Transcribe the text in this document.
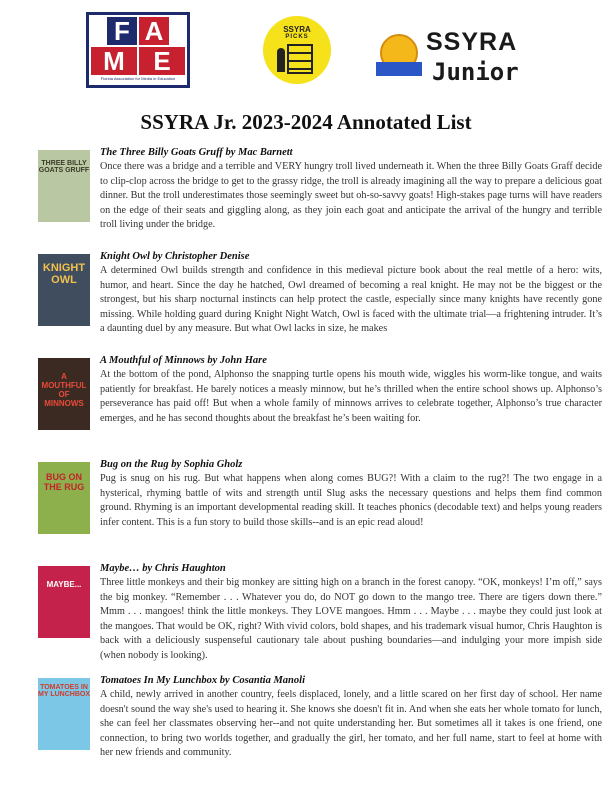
F A
M	E
Florida Association for Media in Education
SSYRA
PICKS	SSYRA
Junior
SSYRA Jr. 2023-2024 Annotated List
THREE BILLY GOATS GRUFF

The Three Billy Goats Gruff by Mac Barnett

Once there was a bridge and a terrible and VERY hungry troll lived underneath it. When the three Billy Goats Graff decide to clip-clop across the bridge to get to the grassy ridge, the troll is already imagining all the way to prepare a delicious goat dinner. But the troll underestimates those seemingly sweet but oh-so-savvy goats! High-stakes page turns will have readers on the edge of their seats and giggling along, as they join each goat and anticipate the arrival of the hungry and terrible troll living under the bridge.

KNIGHT OWL

Knight Owl by Christopher Denise

A determined Owl builds strength and confidence in this medieval picture book about the real mettle of a hero: wits, humor, and heart. Since the day he hatched, Owl dreamed of becoming a real knight. He may not be the biggest or the strongest, but his sharp nocturnal instincts can help protect the castle, especially since many knights have recently gone missing. While holding guard during Knight Night Watch, Owl is faced with the ultimate trial—a frightening intruder. It’s a daunting duel by any measure. But what Owl lacks in size, he makes

A MOUTHFUL OF MINNOWS

A Mouthful of Minnows by John Hare

At the bottom of the pond, Alphonso the snapping turtle opens his mouth wide, wiggles his worm-like tongue, and waits patiently for breakfast. He barely notices a measly minnow, but he’s thrilled when the entire school shows up. Alphonso’s perseverance has paid off! But when a whole family of minnows arrives to celebrate together, Alphonso’s true character emerges, and he has second thoughts about the breakfast he’s been waiting for.

BUG ON THE RUG

Bug on the Rug by Sophia Gholz

Pug is snug on his rug. But what happens when along comes BUG?! With a claim to the rug?! The two engage in a hysterical, rhyming battle of wits and strength until Slug asks the necessary questions and helps them find common ground. Rhyming is an important developmental reading skill. It teaches phonics (decodable text) and helps young readers infer content. This is a fun story to build those skills--and is an epic read aloud!

MAYBE...

Maybe… by Chris Haughton

Three little monkeys and their big monkey are sitting high on a branch in the forest canopy. “OK, monkeys! I’m off,” says the big monkey. “Remember . . . Whatever you do, do NOT go down to the mango tree. There are tigers down there.” Mmm . . . mangoes! think the little monkeys. They LOVE mangoes. Hmm . . . Maybe . . . maybe they could just look at the mangoes. That would be OK, right? With vivid colors, bold shapes, and his trademark visual humor, Chris Haughton is back with a deliciously suspenseful cautionary tale about pushing boundaries—and indulging your more impish side (when nobody is looking).

TOMATOES IN MY LUNCHBOX

Tomatoes In My Lunchbox by Cosantia Manoli

A child, newly arrived in another country, feels displaced, lonely, and a little scared on her first day of school. Her name doesn't sound the way she's used to hearing it. She knows she doesn't fit in. And when she eats her whole tomato for lunch, she can feel her classmates observing her--and not quite understanding her. But sometimes all it takes is one friend, one connection, to bring two worlds together, and gradually the girl, her tomato, and her full name, start to feel at home with her new friends and community.
